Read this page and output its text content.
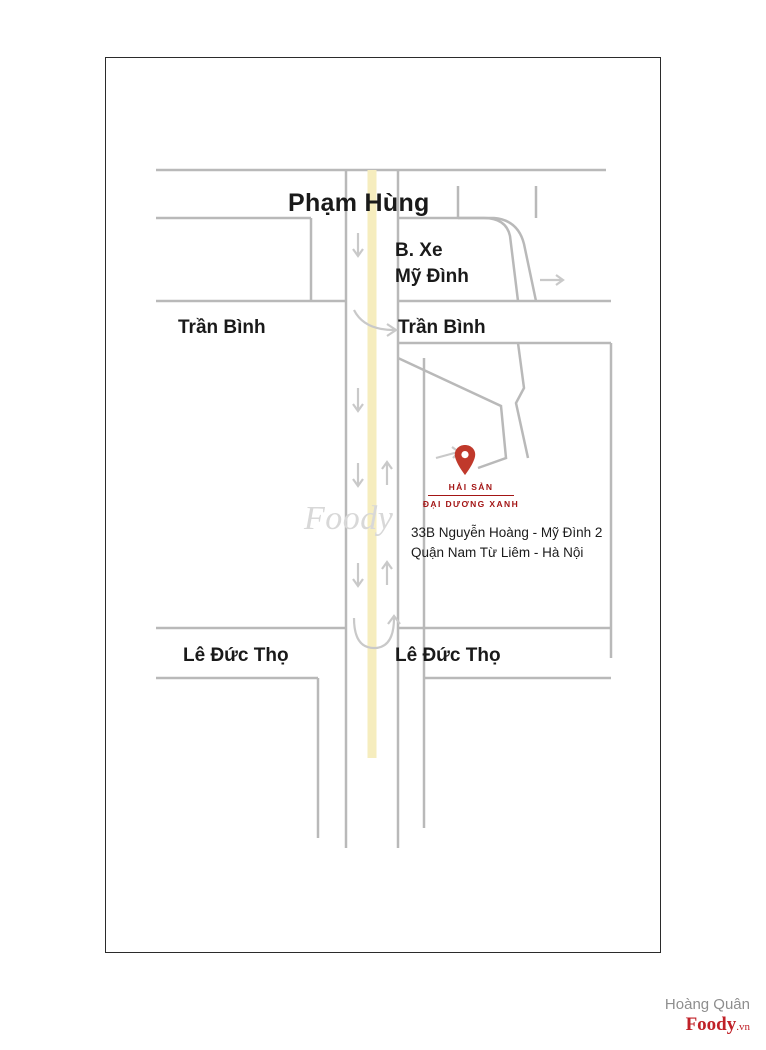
Phạm Hùng
B. Xe
Mỹ Đình
Trần Bình	Trần Bình
Lê Đức Thọ	Lê Đức Thọ
HẢI SẢN
ĐẠI DƯƠNG XANH
33B Nguyễn Hoàng - Mỹ Đình 2
Quận Nam Từ Liêm - Hà Nội
Foody
Hoàng Quân
Foody.vn
